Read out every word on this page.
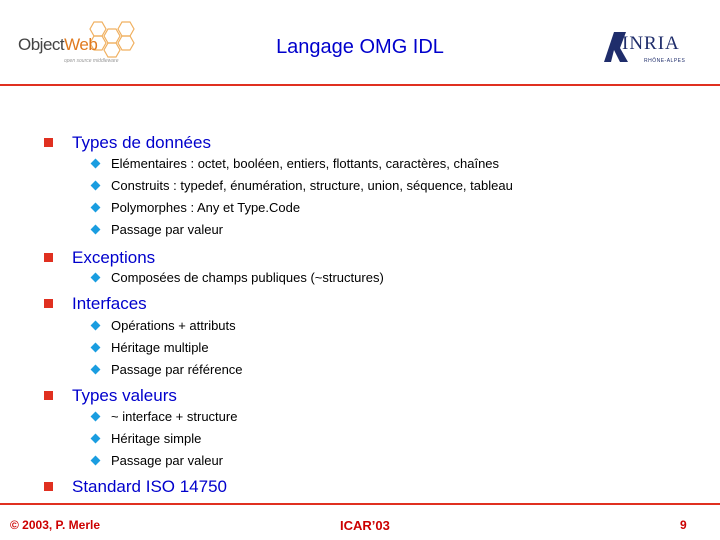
ObjectWeb
open source middleware
Langage OMG IDL	INRIA
RHÔNE-ALPES
Types de données
Elémentaires : octet, booléen, entiers, flottants, caractères, chaînes
Construits : typedef, énumération, structure, union, séquence, tableau
Polymorphes : Any et Type.Code
Passage par valeur
Exceptions
Composées de champs publiques (~structures)
Interfaces
Opérations + attributs
Héritage multiple
Passage par référence
Types valeurs
~ interface + structure
Héritage simple
Passage par valeur
Standard ISO 14750
© 2003, P. Merle	ICAR’03	9
